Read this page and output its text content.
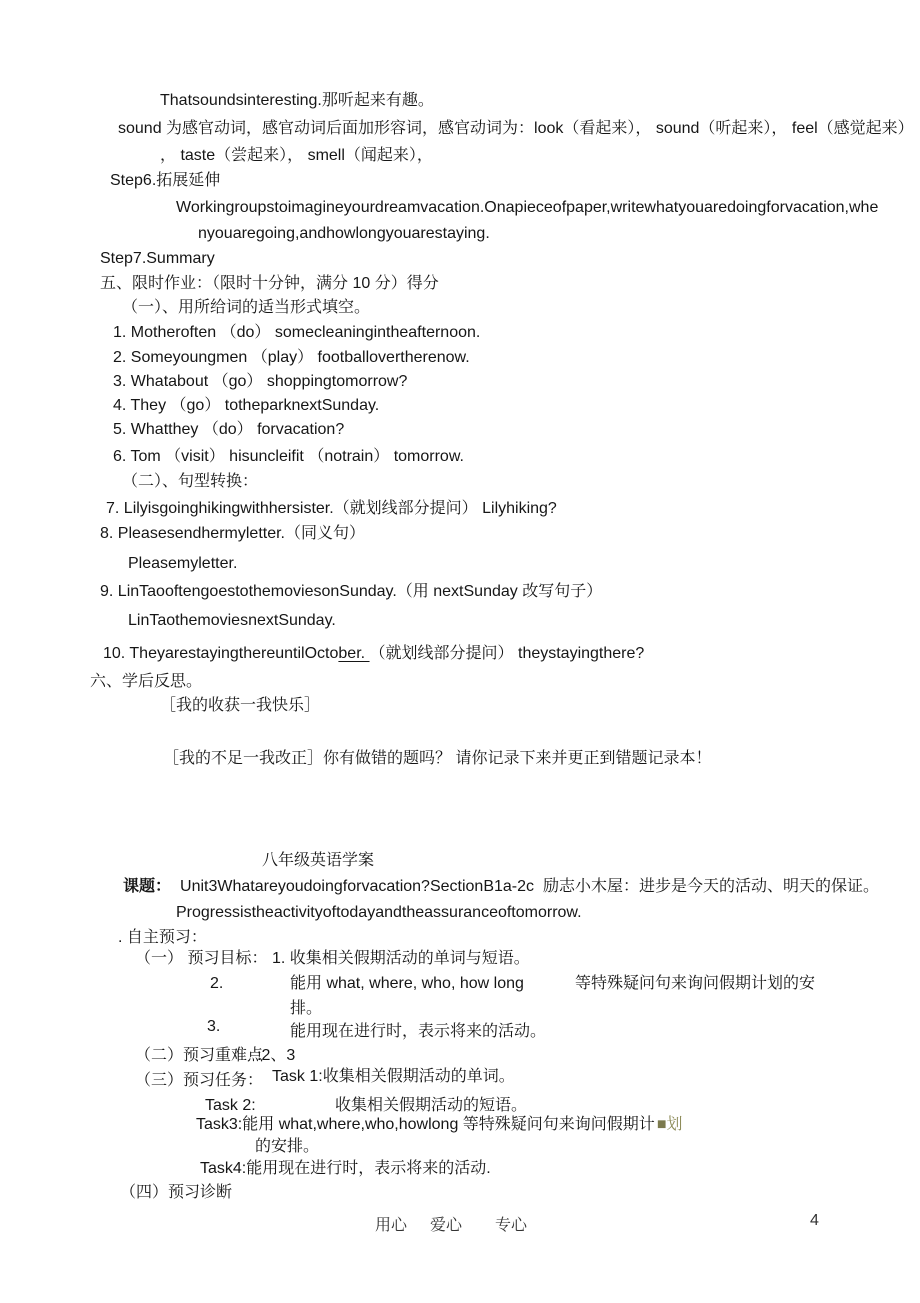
Thatsoundsinteresting.那听起来有趣。
sound 为感官动词，感官动词后面加形容词，感官动词为：look（看起来）， sound（听起来）， feel（感觉起来）
， taste（尝起来）， smell（闻起来），
Step6.拓展延伸
Workingroupstoimagineyourdreamvacation.Onapieceofpaper,writewhatyouaredoingforvacation,whe
nyouaregoing,andhowlongyouarestaying.
Step7.Summary
五、限时作业：（限时十分钟，满分 10 分）得分
（一）、用所给词的适当形式填空。
1. Motheroften （do） somecleaningintheafternoon.
2. Someyoungmen （play） footballovertherenow.
3. Whatabout （go） shoppingtomorrow?
4. They （go） totheparknextSunday.
5. Whatthey （do） forvacation?
6. Tom （visit） hisuncleifit （notrain） tomorrow.
（二）、句型转换：
7. Lilyisgoinghikingwithhersister.（就划线部分提问） Lilyhiking?
8. Pleasesendhermyletter.（同义句）
Pleasemyletter.
9. LinTaooftengoestothemoviesonSunday.（用 nextSunday 改写句子）
LinTaothemoviesnextSunday.
10. TheyarestayingthereuntilOctober. （就划线部分提问） theystayingthere?
六、学后反思。
［我的收获一我快乐］
［我的不足一我改正］你有做错的题吗？ 请你记录下来并更正到错题记录本！
八年级英语学案
课题： Unit3Whatareyoudoingforvacation?SectionB1a-2c 励志小木屋：进步是今天的活动、明天的保证。
Progressistheactivityoftodayandtheassuranceoftomorrow.
. 自主预习：
（一） 预习目标： 1. 收集相关假期活动的单词与短语。
2.	能用 what, where, who, how long	等特殊疑问句来询问假期计划的安
排。
3.	能用现在进行时，表示将来的活动。
（二）预习重难点
:2、3
（三）预习任务： Task 1:收集相关假期活动的单词。
Task 2:	收集相关假期活动的短语。
Task3:能用 what,where,who,howlong 等特殊疑问句来询问假期计 ■划
的安排。
Task4:能用现在进行时，表示将来的活动.
（四）预习诊断
用心 爱心 专心	4
